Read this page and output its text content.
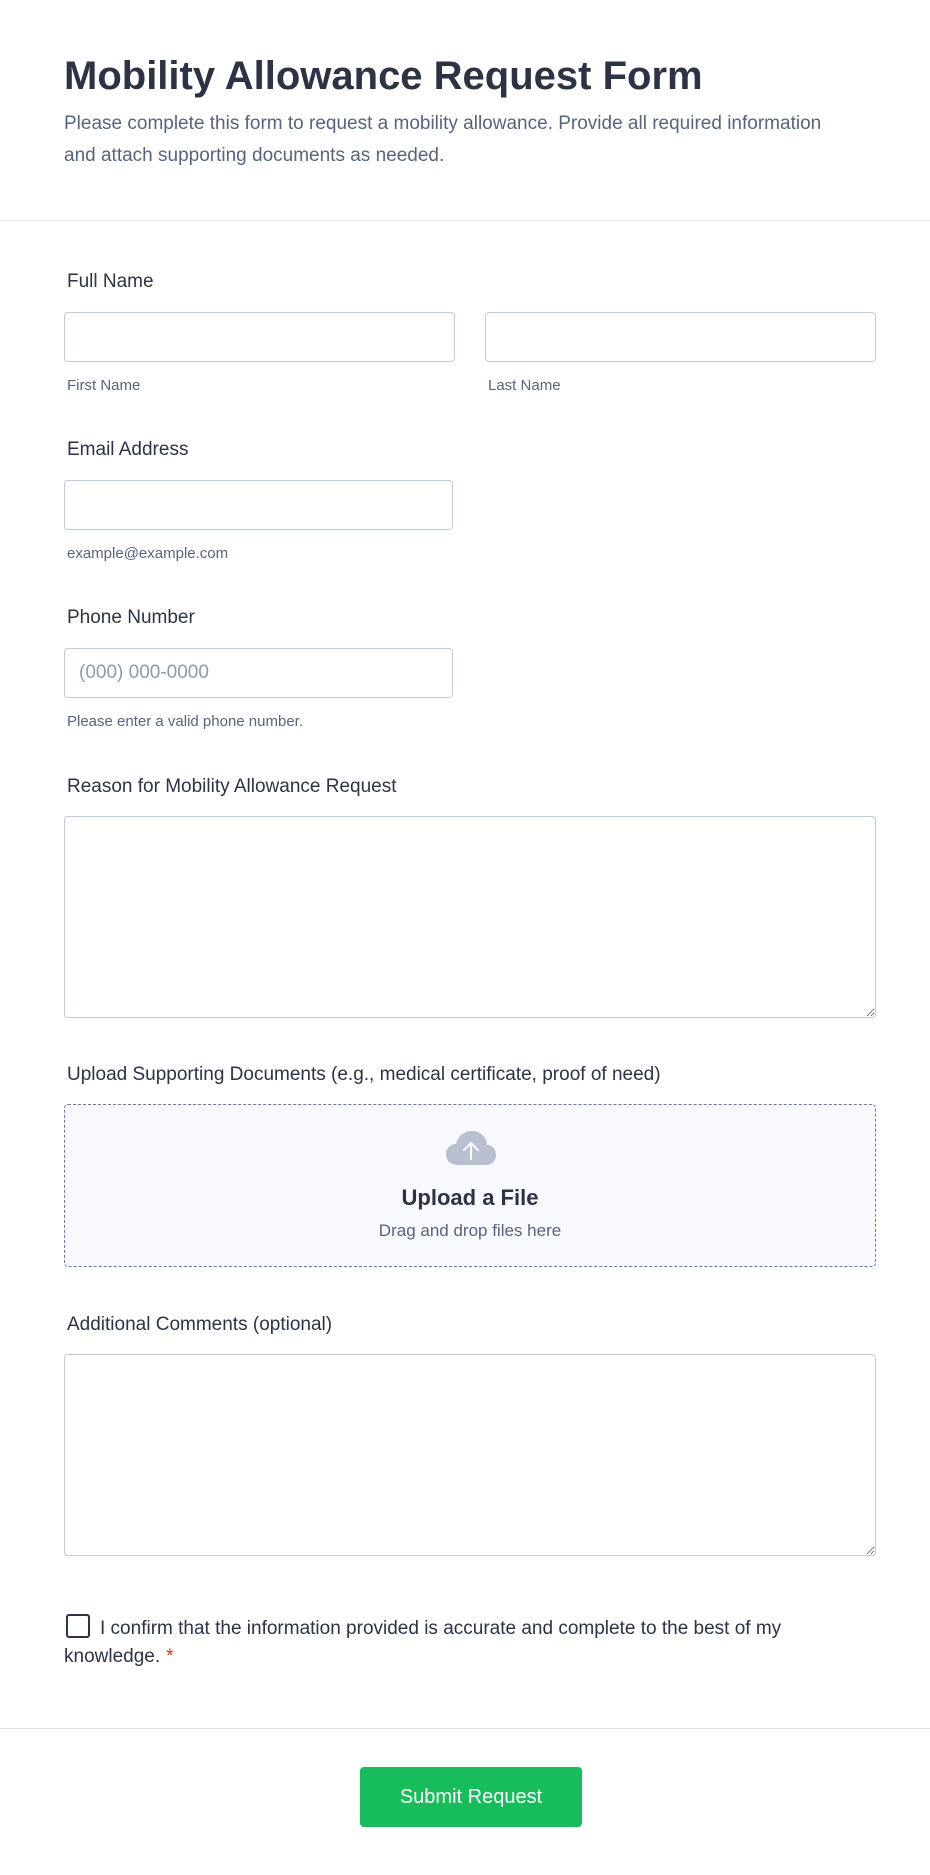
Mobility Allowance Request Form

Please complete this form to request a mobility allowance. Provide all required information and attach supporting documents as needed.

Full Name
First Name	Last Name
Email Address
example@example.com
Phone Number
(000) 000-0000
Please enter a valid phone number.
Reason for Mobility Allowance Request
Upload Supporting Documents (e.g., medical certificate, proof of need)
Upload a File
Drag and drop files here
Additional Comments (optional)
I confirm that the information provided is accurate and complete to the best of my knowledge. *
Submit Request
